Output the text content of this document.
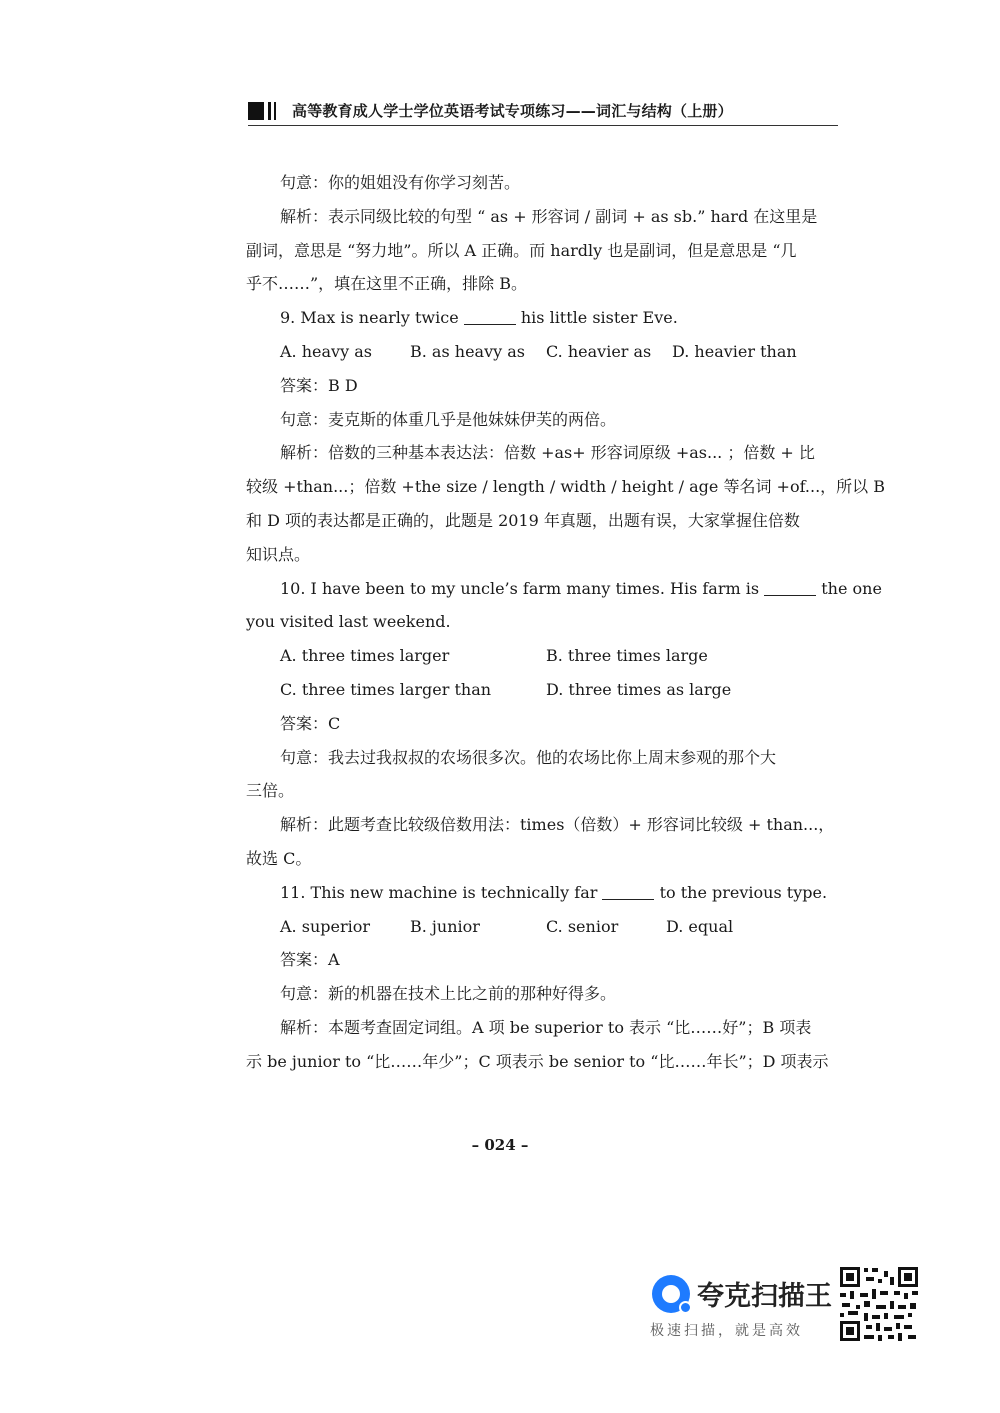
高等教育成人学士学位英语考试专项练习——词汇与结构（上册）
句意：你的姐姐没有你学习刻苦。
解析：表示同级比较的句型 “ as + 形容词 / 副词 + as sb.” hard 在这里是
副词，意思是 “努力地”。所以 A 正确。而 hardly 也是副词，但是意思是 “几
乎不……”，填在这里不正确，排除 B。
9. Max is nearly twice	his little sister Eve.
A. heavy as B. as heavy as C. heavier as D. heavier than
答案：B D
句意：麦克斯的体重几乎是他妹妹伊芙的两倍。
解析：倍数的三种基本表达法：倍数 +as+ 形容词原级 +as... ；倍数 + 比
较级 +than...；倍数 +the size / length / width / height / age 等名词 +of...，所以 B
和 D 项的表达都是正确的，此题是 2019 年真题，出题有误，大家掌握住倍数
知识点。
10. I have been to my uncle’s farm many times. His farm is	the one
you visited last weekend.
A. three times larger	B. three times large
C. three times larger than	D. three times as large
答案：C
句意：我去过我叔叔的农场很多次。他的农场比你上周末参观的那个大
三倍。
解析：此题考查比较级倍数用法：times（倍数）+ 形容词比较级 + than...，
故选 C。
11. This new machine is technically far	to the previous type.
A. superior	B. junior	C. senior	D. equal
答案：A
句意：新的机器在技术上比之前的那种好得多。
解析：本题考查固定词组。A 项 be superior to 表示 “比……好”；B 项表
示 be junior to “比……年少”；C 项表示 be senior to “比……年长”；D 项表示
– 024 –
夸克扫描王
极速扫描，就是高效
